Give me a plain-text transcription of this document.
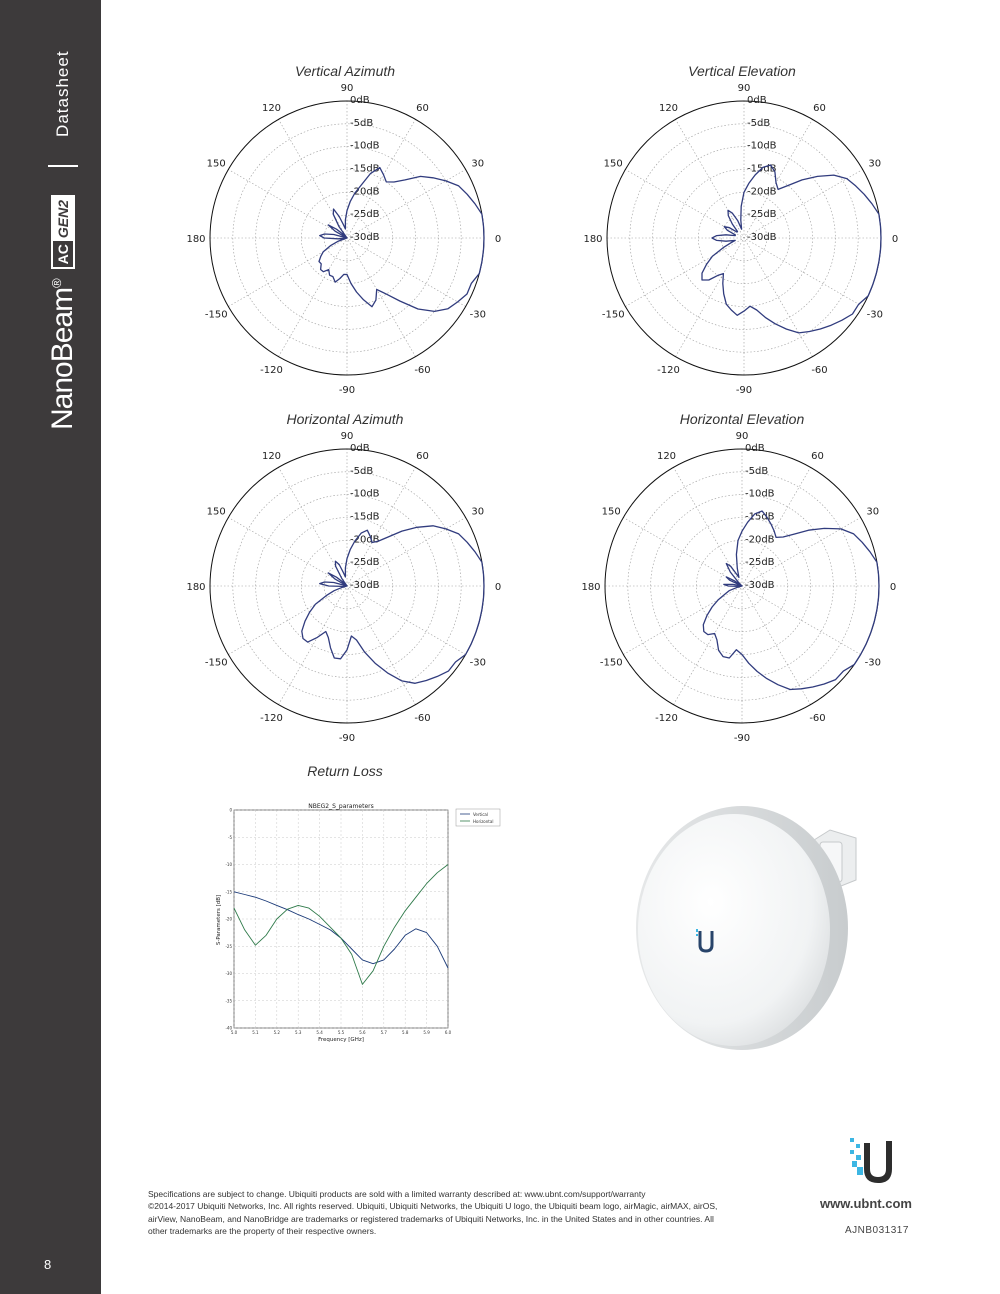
NanoBeam®
AC
GEN2
Datasheet
8
Vertical Azimuth
0
30
60
90
120
150
180
-150
-120
-90
-60
-30
0dB
-5dB
-10dB
-15dB
-20dB
-25dB
-30dB
Vertical Elevation
0
30
60
90
120
150
180
-150
-120
-90
-60
-30
0dB
-5dB
-10dB
-15dB
-20dB
-25dB
-30dB
Horizontal Azimuth
0
30
60
90
120
150
180
-150
-120
-90
-60
-30
0dB
-5dB
-10dB
-15dB
-20dB
-25dB
-30dB
Horizontal Elevation
0
30
60
90
120
150
180
-150
-120
-90
-60
-30
0dB
-5dB
-10dB
-15dB
-20dB
-25dB
-30dB
Return Loss
NBEG2_S_parameters
Frequency [GHz]
S-Parameters [dB]
Vertical
Horizontal
5.0	5.1	5.2	5.3	5.4	5.5	5.6	5.7	5.8	5.9	6.0
0
-5
-10
-15
-20
-25
-30
-35
-40

Specifications are subject to change. Ubiquiti products are sold with a limited warranty described at: www.ubnt.com/support/warranty

©2014-2017 Ubiquiti Networks, Inc. All rights reserved. Ubiquiti, Ubiquiti Networks, the Ubiquiti U logo, the Ubiquiti beam logo, airMagic, airMAX, airOS,

airView, NanoBeam, and NanoBridge are trademarks or registered trademarks of Ubiquiti Networks, Inc. in the United States and in other countries. All

other trademarks are the property of their respective owners.

www.ubnt.com
AJNB031317
